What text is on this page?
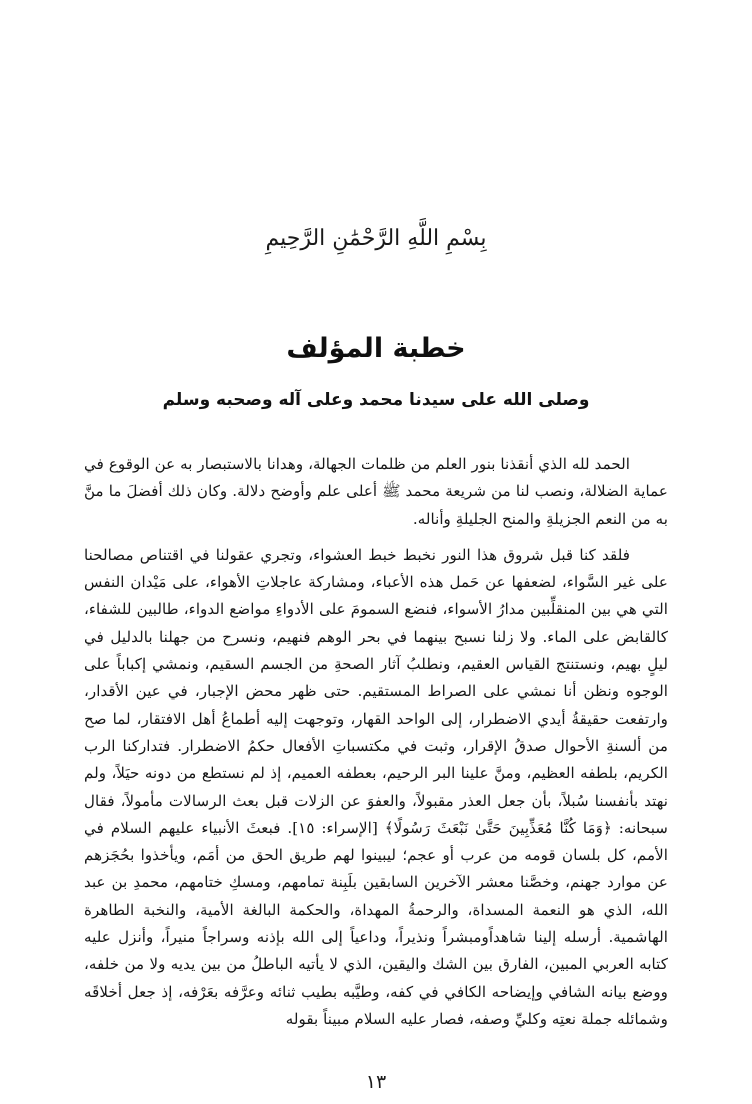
بِسْمِ اللَّهِ الرَّحْمَٰنِ الرَّحِيمِ
خطبة المؤلف
وصلى الله على سيدنا محمد وعلى آله وصحبه وسلم

الحمد لله الذي أنقذنا بنور العلم من ظلمات الجهالة، وهدانا بالاستبصار به عن الوقوع في عماية الضلالة، ونصب لنا من شريعة محمد ﷺ أعلى علم وأوضح دلالة. وكان ذلك أفضلَ ما منَّ به من النعم الجزيلةِ والمنح الجليلةِ وأناله.

فلقد كنا قبل شروق هذا النور نخبط خبط العشواء، وتجري عقولنا في اقتناص مصالحنا على غير السَّواء، لضعفها عن حَمل هذه الأعباء، ومشاركة عاجلاتِ الأهواء، على مَيْدان النفس التي هي بين المنقلِّبين مدارُ الأسواء، فنضع السمومَ على الأدواءِ مواضع الدواء، طالبين للشفاء، كالقابض على الماء. ولا زلنا نسبح بينهما في بحر الوهم فنهيم، ونسرح من جهلنا بالدليل في ليلٍ بهيم، ونستنتج القياس العقيم، ونطلبُ آثار الصحةِ من الجسم السقيم، ونمشي إكباباً على الوجوه ونظن أنا نمشي على الصراط المستقيم. حتى ظهر محض الإجبار، في عين الأقدار، وارتفعت حقيقةُ أيدي الاضطرار، إلى الواحد القهار، وتوجهت إليه أطماعُ أهل الافتقار، لما صح من ألسنةِ الأحوال صدقُ الإقرار، وثبت في مكتسباتِ الأفعال حكمُ الاضطرار. فتداركنا الرب الكريم، بلطفه العظيم، ومنَّ علينا البر الرحيم، بعطفه العميم، إذ لم نستطع من دونه حيَلاً، ولم نهتد بأنفسنا سُبلاً، بأن جعل العذر مقبولاً، والعفوَ عن الزلات قبل بعث الرسالات مأمولاً، فقال سبحانه: ﴿وَمَا كُنَّا مُعَذِّبِينَ حَتَّىٰ نَبْعَثَ رَسُولًا﴾ [الإسراء: ١٥]. فبعثَ الأنبياء عليهم السلام في الأمم، كل بلسان قومه من عرب أو عجم؛ ليبينوا لهم طريق الحق من أمَم، ويأخذوا بحُجَزهم عن موارد جهنم، وخصَّنا معشر الآخرين السابقين بلَبِنة تمامهم، ومسكِ ختامهم، محمدِ بن عبد الله، الذي هو النعمة المسداة، والرحمةُ المهداة، والحكمة البالغة الأمية، والنخبة الطاهرة الهاشمية. أرسله إلينا شاهداًومبشراً ونذيراً، وداعياً إلى الله بإذنه وسراجاً منيراً، وأنزل عليه كتابه العربي المبين، الفارق بين الشك واليقين، الذي لا يأتيه الباطلُ من بين يديه ولا من خلفه، ووضع بيانه الشافي وإيضاحه الكافي في كفه، وطيَّبه بطيب ثنائه وعرَّفه بعَرْفه، إذ جعل أخلاقَه وشمائله جملة نعتِه وكليِّ وصفه، فصار عليه السلام مبيناً بقوله

١٣
